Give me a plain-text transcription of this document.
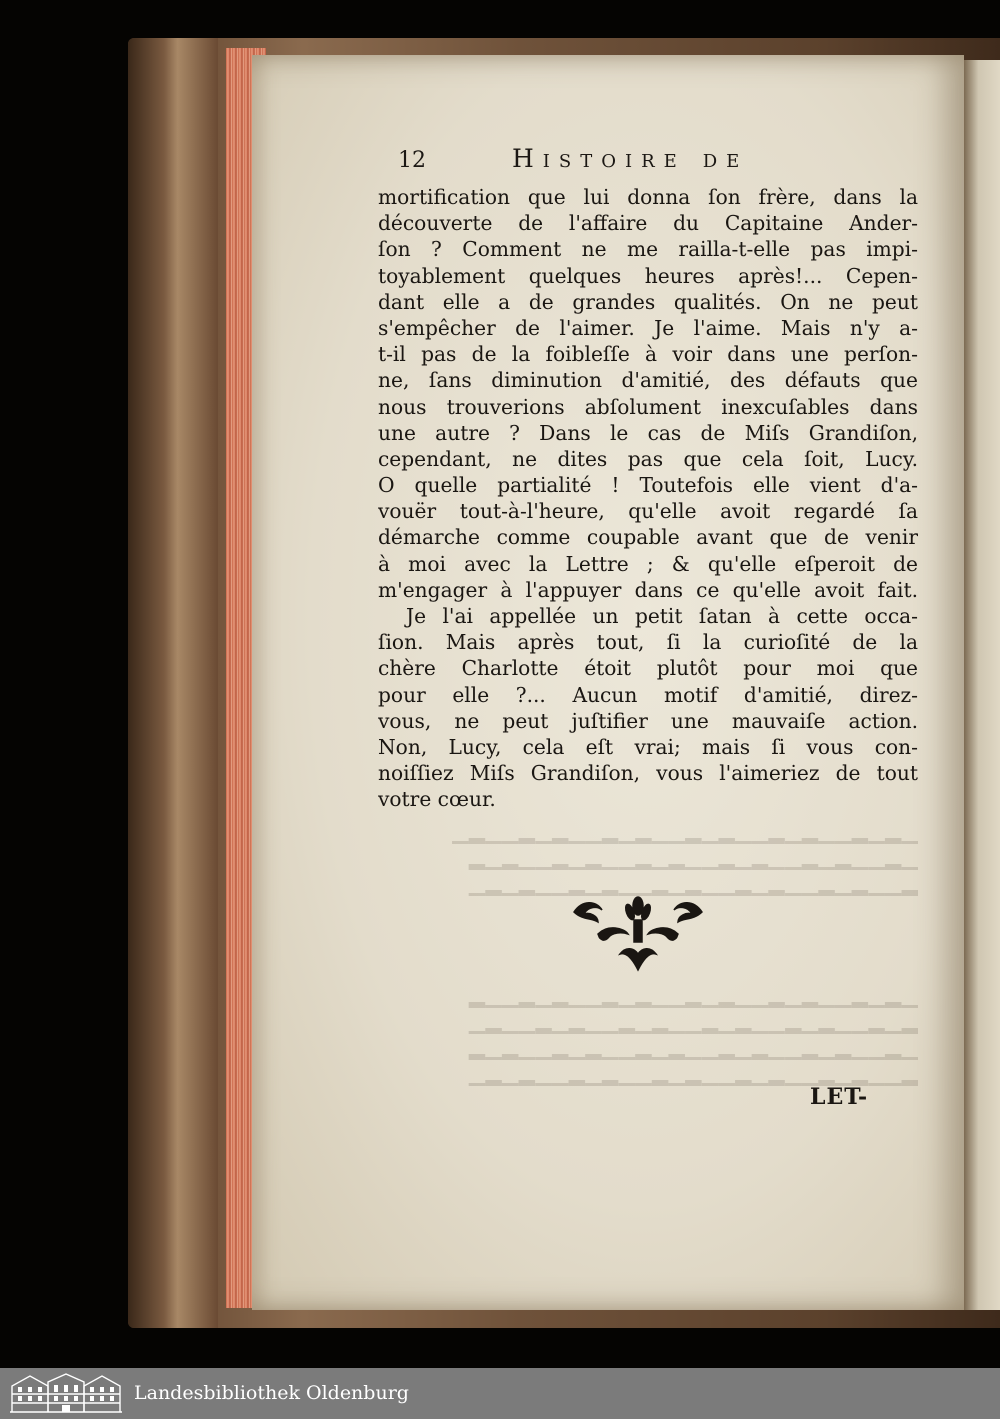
▁▂▁▂▁▁▂▁▂▁▁▂▁▂▁▁▂▁▂▁▁▂▁▂▁▁▂▁
▁▂▁▁▂▁▂▁▁▂▁▂▁▁▂▁▂▁▁▂▁▂▁▁▂▁▂
▂▁▁▂▁▂▁▁▂▁▂▁▁▂▁▂▁▁▂▁▂▁▁▂▁▂▁
▁▂▁▂▁▁▂▁▂▁▁▂▁▂▁▁▂▁▂▁▁▂▁▂▁▁▂
▂▁▂▁▁▂▁▂▁▁▂▁▂▁▁▂▁▂▁▁▂▁▂▁▁▂▁
▁▂▁▁▂▁▂▁▁▂▁▂▁▁▂▁▂▁▁▂▁▂▁▁▂▁▂
▂▁▁▂▁▂▁▁▂▁▂▁▁▂▁▂▁▁▂▁▂▁▁▂▁▂▁
12	Histoire de
mortification que lui donna ſon frère, dans la
découverte de l'affaire du Capitaine Ander-
ſon ? Comment ne me railla-t-elle pas impi-
toyablement quelques heures après!... Cepen-
dant elle a de grandes qualités. On ne peut
s'empêcher de l'aimer. Je l'aime. Mais n'y a-
t-il pas de la foibleſſe à voir dans une perſon-
ne, ſans diminution d'amitié, des défauts que
nous trouverions abſolument inexcuſables dans
une autre ? Dans le cas de Miſs Grandiſon,
cependant, ne dites pas que cela ſoit, Lucy.
O quelle partialité ! Toutefois elle vient d'a-
vouër tout-à-l'heure, qu'elle avoit regardé ſa
démarche comme coupable avant que de venir
à moi avec la Lettre ; & qu'elle eſperoit de
m'engager à l'appuyer dans ce qu'elle avoit fait.
Je l'ai appellée un petit ſatan à cette occa-
ſion. Mais après tout, ſi la curioſité de la
chère Charlotte étoit plutôt pour moi que
pour elle ?... Aucun motif d'amitié, direz-
vous, ne peut juſtifier une mauvaiſe action.
Non, Lucy, cela eſt vrai; mais ſi vous con-
noiſſiez Miſs Grandiſon, vous l'aimeriez de tout
votre cœur.
LET-
Landesbibliothek Oldenburg
